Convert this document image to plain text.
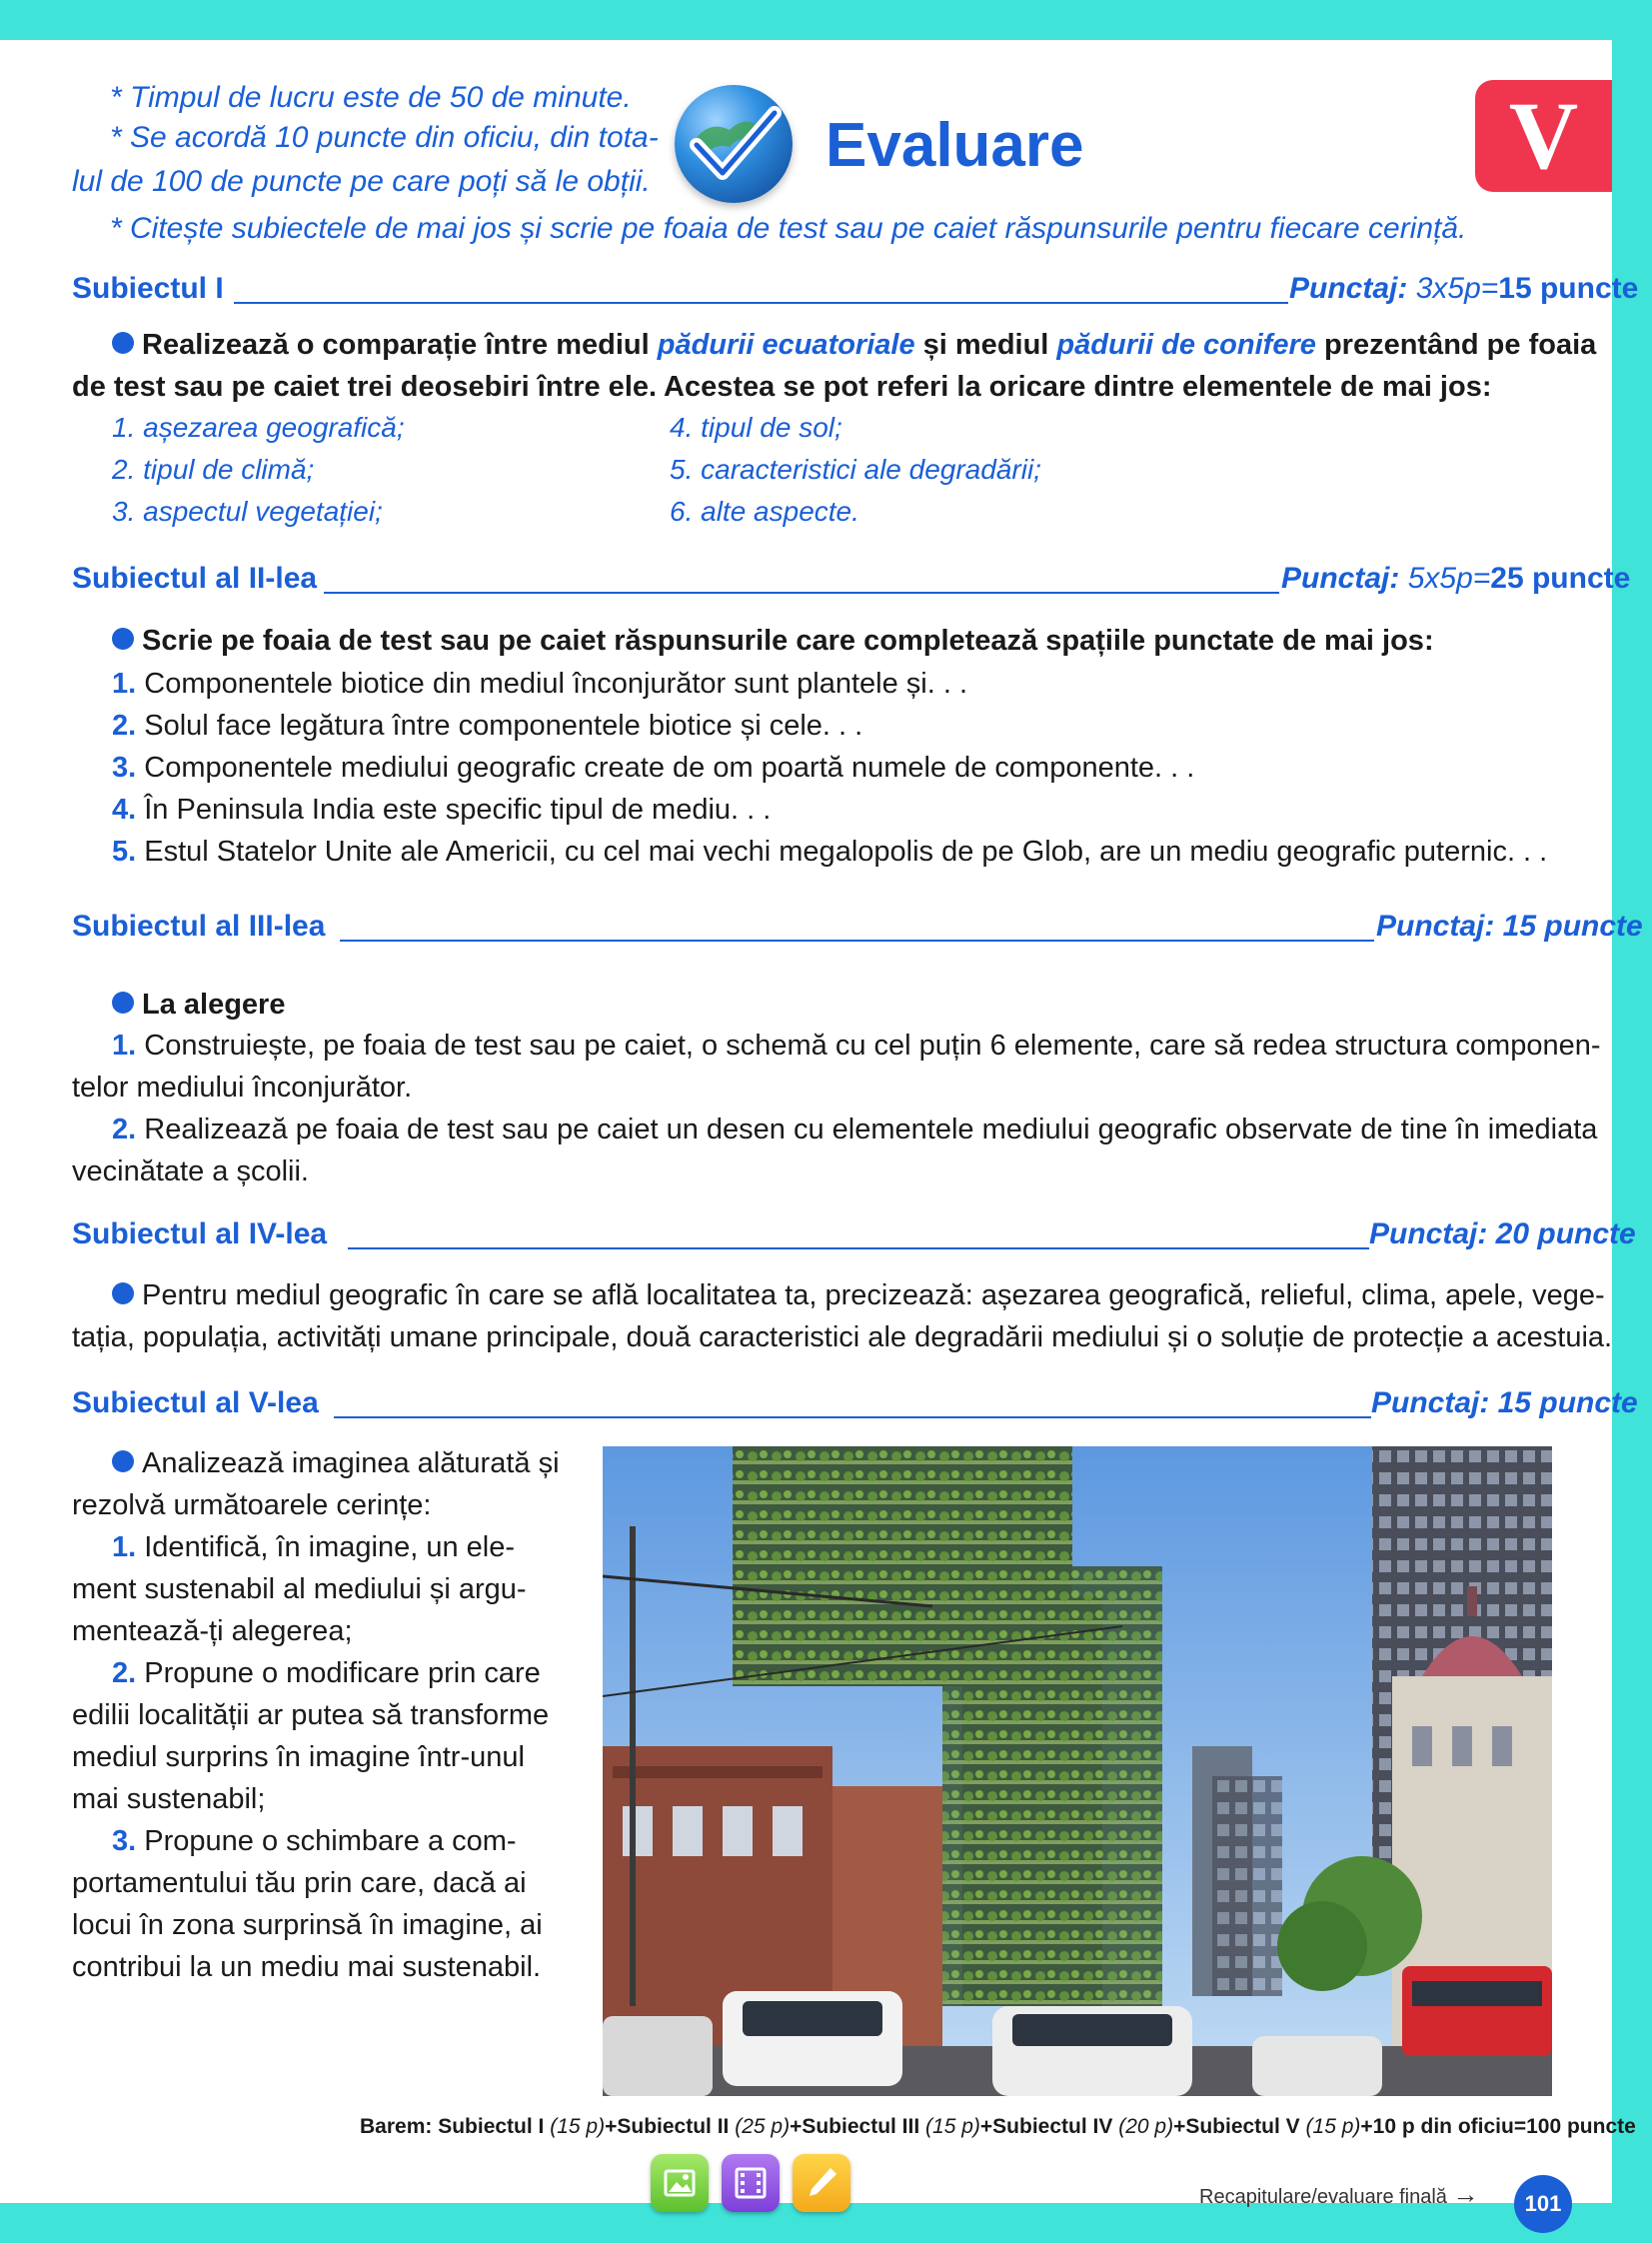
* Timpul de lucru este de 50 de minute.
* Se acordă 10 puncte din oficiu, din tota-
lul de 100 de puncte pe care poți să le obții.
* Citește subiectele de mai jos și scrie pe foaia de test sau pe caiet răspunsurile pentru fiecare cerință.
Evaluare	V
Subiectul I	Punctaj: 3x5p=15 puncte
Realizează o comparație între mediul pădurii ecuatoriale și mediul pădurii de conifere prezentând pe foaia
de test sau pe caiet trei deosebiri între ele. Acestea se pot referi la oricare dintre elementele de mai jos:
1. așezarea geografică;
2. tipul de climă;
3. aspectul vegetației;
4. tipul de sol;
5. caracteristici ale degradării;
6. alte aspecte.
Subiectul al II-lea	Punctaj: 5x5p=25 puncte
Scrie pe foaia de test sau pe caiet răspunsurile care completează spațiile punctate de mai jos:
1. Componentele biotice din mediul înconjurător sunt plantele și. . .
2. Solul face legătura între componentele biotice și cele. . .
3. Componentele mediului geografic create de om poartă numele de componente. . .
4. În Peninsula India este specific tipul de mediu. . .
5. Estul Statelor Unite ale Americii, cu cel mai vechi megalopolis de pe Glob, are un mediu geografic puternic. . .
Subiectul al III-lea	Punctaj: 15 puncte
La alegere
1. Construiește, pe foaia de test sau pe caiet, o schemă cu cel puțin 6 elemente, care să redea structura componen-
telor mediului înconjurător.
2. Realizează pe foaia de test sau pe caiet un desen cu elementele mediului geografic observate de tine în imediata
vecinătate a școlii.
Subiectul al IV-lea	Punctaj: 20 puncte
Pentru mediul geografic în care se află localitatea ta, precizează: așezarea geografică, relieful, clima, apele, vege-
tația, populația, activități umane principale, două caracteristici ale degradării mediului și o soluție de protecție a acestuia.
Subiectul al V-lea	Punctaj: 15 puncte
Analizează imaginea alăturată și
rezolvă următoarele cerințe:
1. Identifică, în imagine, un ele-
ment sustenabil al mediului și argu-
mentează-ți alegerea;
2. Propune o modificare prin care
edilii localității ar putea să transforme
mediul surprins în imagine într-unul
mai sustenabil;
3. Propune o schimbare a com-
portamentului tău prin care, dacă ai
locui în zona surprinsă în imagine, ai
contribui la un mediu mai sustenabil.
Barem: Subiectul I (15 p)+Subiectul II (25 p)+Subiectul III (15 p)+Subiectul IV (20 p)+Subiectul V (15 p)+10 p din oficiu=100 puncte
Recapitulare/evaluare finală →	101
